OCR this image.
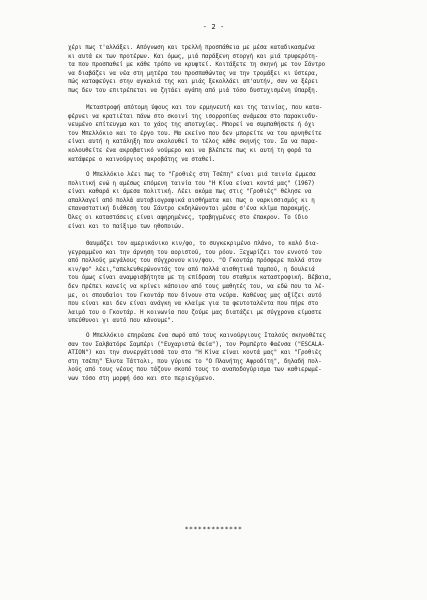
- 2 -
χέρι πως τ'αλλάξει. Απόγνωση και τρελλή προσπάθεια με μέσα καταδικασμένα
κι αυτά εκ των προτέρων. Και όμως, μιά παράξενη στοργή και μιά τρυφερότη-
τα που προσπαθεί με κάθε τρόπο να κρυφτεί. Κοιτάξετε τη σκηνή με τον Σάντρο
να διαβάζει να νέα στη μητέρα του προσπαθώντας να την τρομάξει κι ύστερα,
πώς καταφεύγει στην αγκαλιά της και μιάς ξεκολλάει απ'αυτήν, σαν να ξέρει
πως δεν του επιτρέπεται να ζητάει αγάπη από μιά τόσο δυστυχισμένη ύπαρξη.
Μεταστροφή απότομη ύφους και του ερμηνευτή και της ταινίας, που κατα-
φέρνει να κρατιέται πάνω στο σκοινί της ισορροπίας ανάμεσα στο παρακινδυ-
νευμένο επίτευγμα και το χάος της αποτυχίας. Μπορεί να συμπαθήσετε ή όχι
τον Μπελλόκιο και το έργο του. Μα εκείνο που δεν μπορείτε να του αρνηθείτε
είναι αυτή η κατάληξη που ακολουθεί το τέλος κάθε σκηνής του. Σα να παρα-
κολουθείτε ένα ακροβατικό νούμερο και να βλέπετε πως κι αυτή τη φορά τα
κατάφερε ο καινούργιος ακροβάτης να σταθεί.
Ο Μπελλόκιο λέει πως το "Γροθιές στη Τσέπη" είναι μιά ταινία έμμεσα
πολιτική ενώ η αμέσως επόμενη ταινία του "Η Κίνα είναι κοντά μας" (1967)
είναι καθαρά κι άμεσα πολιτική. Λέει ακόμα πως στις "Γροθιές" θέλησε να
απαλλαγεί από πολλά αυτοβιογραφικά αισθήματα και πως ο ναρκισσισμός κι η
επαναστατική διάθεση του Σάντρο εκδηλώνονται μέσα σ'ένα κλίμα παρακμής.
Όλες οι καταστάσεις είναι αφηρημένες, τραβηγμένες στο έπακρον. Το ίδιο
είναι και το παίξιμο των ηθοποιών.
Θαυμάζει τον αμερικάνικο κιν/φο, το συγκεκριμένο πλάνο, το καλό δια-
γεγραμμένο και την άρνηση του αοριστού, του ρόου. Ξεχωρίζει τον εννοτό του
από πολλούς μεγάλους του σύγχρονου κιν/φου. "Ο Γκοντάρ πρόσφερε πολλά στον
κιν/φο" λέει,"απελευθερώνοντάς τον από πολλά αισθητικά ταμπού, η δουλειά
του όμως είναι αναμφισβήτητα με τη επίδραση του σταθμικ καταστροφική. Βέβαια,
δεν πρέπει κανείς να κρίνει κάποιον από τους μαθητές του, να εδώ που τα λέ-
με, οι σπουδαίοι του Γκοντάρ που δίνουν στα νεύρα. Καθένας μας αξίζει αυτό
που είναι και δεν είναι ανάγκη να κλαίμε για τα φευτοταλέντα που πήρε στο
λαιμό του ο Γκοντάρ. Η κοινωνία που ζούμε μας διατάζει με σύγχρονα είμαστε
υπεύθυνοι γι αυτό που κάνουμε".
Ο Μπελλόκιο επηρέασε ένα σωρό από τους καινούργιους Ιταλούς σκηνοθέτες
σαν τον Σαλβατόρε Σαμπέρι ("Ευχαριστώ Θεία"), τον Ρομπέρτο Φαένσα ("ESCALA-
ATION") και την συνεργάτισσά του στο "Η Κίνα είναι κοντά μας" και "Γροθιές
στη τσέπη" Έλντα Τάττολι, που γύρισε το "Ο Πλανήτης Αφροδίτη", δηλαδή πολ-
λούς από τους νέους που τάζουν σκοπό τους το αναποδογύρισμα των καθιερωμέ-
νων τόσο στη μορφή όσο και στο περιεχόμενο.
*************
